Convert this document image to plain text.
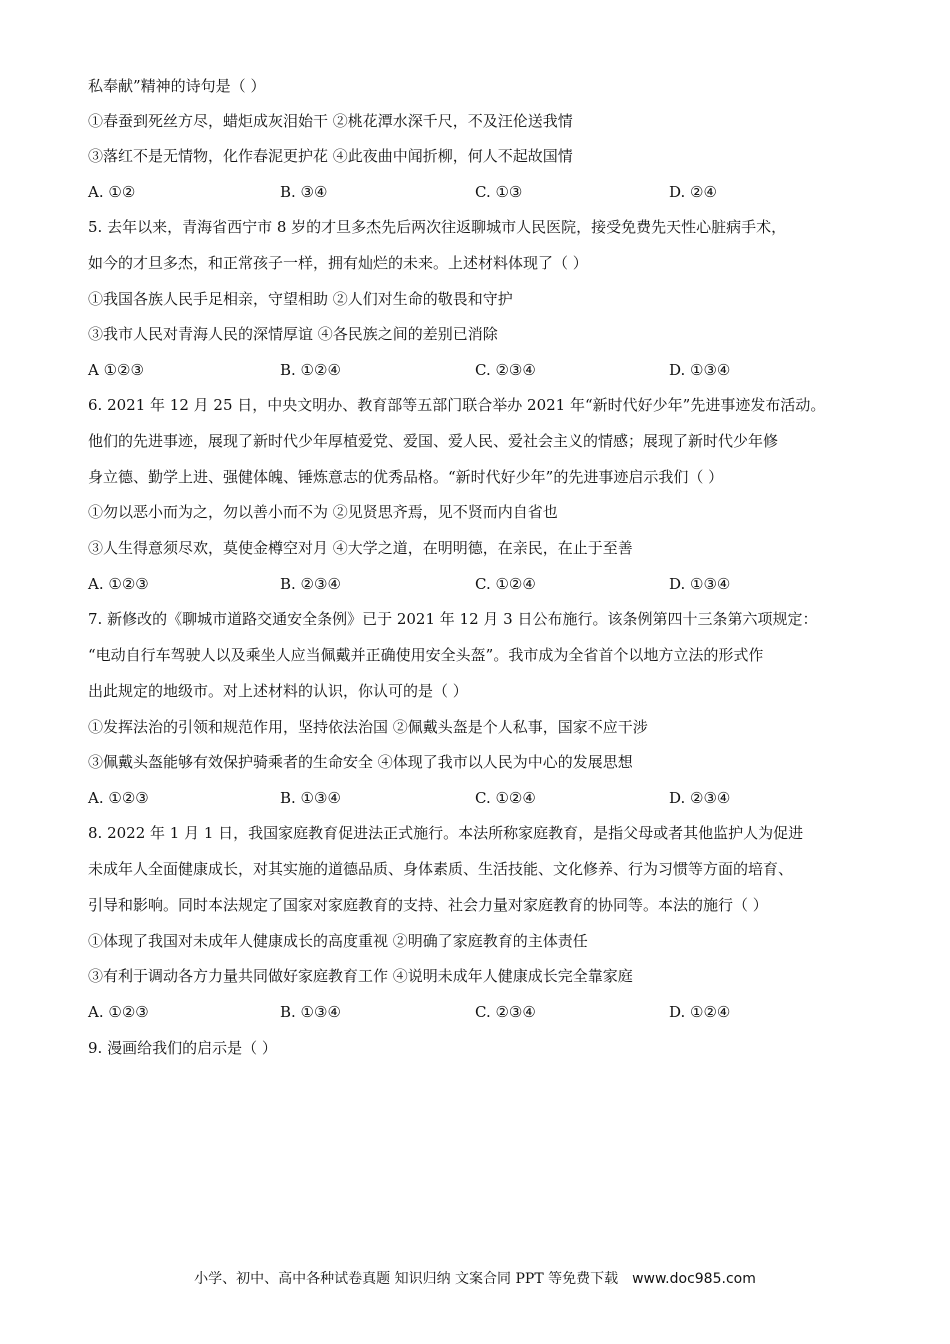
私奉献”精神的诗句是（ ）
①春蚕到死丝方尽，蜡炬成灰泪始干 ②桃花潭水深千尺，不及汪伦送我情
③落红不是无情物，化作春泥更护花 ④此夜曲中闻折柳，何人不起故国情
A. ①②	B. ③④	C. ①③	D. ②④
5. 去年以来，青海省西宁市 8 岁的才旦多杰先后两次往返聊城市人民医院，接受免费先天性心脏病手术，
如今的才旦多杰，和正常孩子一样，拥有灿烂的未来。上述材料体现了（ ）
①我国各族人民手足相亲，守望相助 ②人们对生命的敬畏和守护
③我市人民对青海人民的深情厚谊 ④各民族之间的差别已消除
A ①②③	B. ①②④	C. ②③④	D. ①③④
6. 2021 年 12 月 25 日，中央文明办、教育部等五部门联合举办 2021 年“新时代好少年”先进事迹发布活动。
他们的先进事迹，展现了新时代少年厚植爱党、爱国、爱人民、爱社会主义的情感；展现了新时代少年修
身立德、勤学上进、强健体魄、锤炼意志的优秀品格。“新时代好少年”的先进事迹启示我们（ ）
①勿以恶小而为之，勿以善小而不为 ②见贤思齐焉，见不贤而内自省也
③人生得意须尽欢，莫使金樽空对月 ④大学之道，在明明德，在亲民，在止于至善
A. ①②③	B. ②③④	C. ①②④	D. ①③④
7. 新修改的《聊城市道路交通安全条例》已于 2021 年 12 月 3 日公布施行。该条例第四十三条第六项规定：
“电动自行车驾驶人以及乘坐人应当佩戴并正确使用安全头盔”。我市成为全省首个以地方立法的形式作
出此规定的地级市。对上述材料的认识，你认可的是（ ）
①发挥法治的引领和规范作用，坚持依法治国 ②佩戴头盔是个人私事，国家不应干涉
③佩戴头盔能够有效保护骑乘者的生命安全 ④体现了我市以人民为中心的发展思想
A. ①②③	B. ①③④	C. ①②④	D. ②③④
8. 2022 年 1 月 1 日，我国家庭教育促进法正式施行。本法所称家庭教育，是指父母或者其他监护人为促进
未成年人全面健康成长，对其实施的道德品质、身体素质、生活技能、文化修养、行为习惯等方面的培育、
引导和影响。同时本法规定了国家对家庭教育的支持、社会力量对家庭教育的协同等。本法的施行（ ）
①体现了我国对未成年人健康成长的高度重视 ②明确了家庭教育的主体责任
③有利于调动各方力量共同做好家庭教育工作 ④说明未成年人健康成长完全靠家庭
A. ①②③	B. ①③④	C. ②③④	D. ①②④
9. 漫画给我们的启示是（ ）
小学、初中、高中各种试卷真题 知识归纳 文案合同 PPT 等免费下载 www.doc985.com
